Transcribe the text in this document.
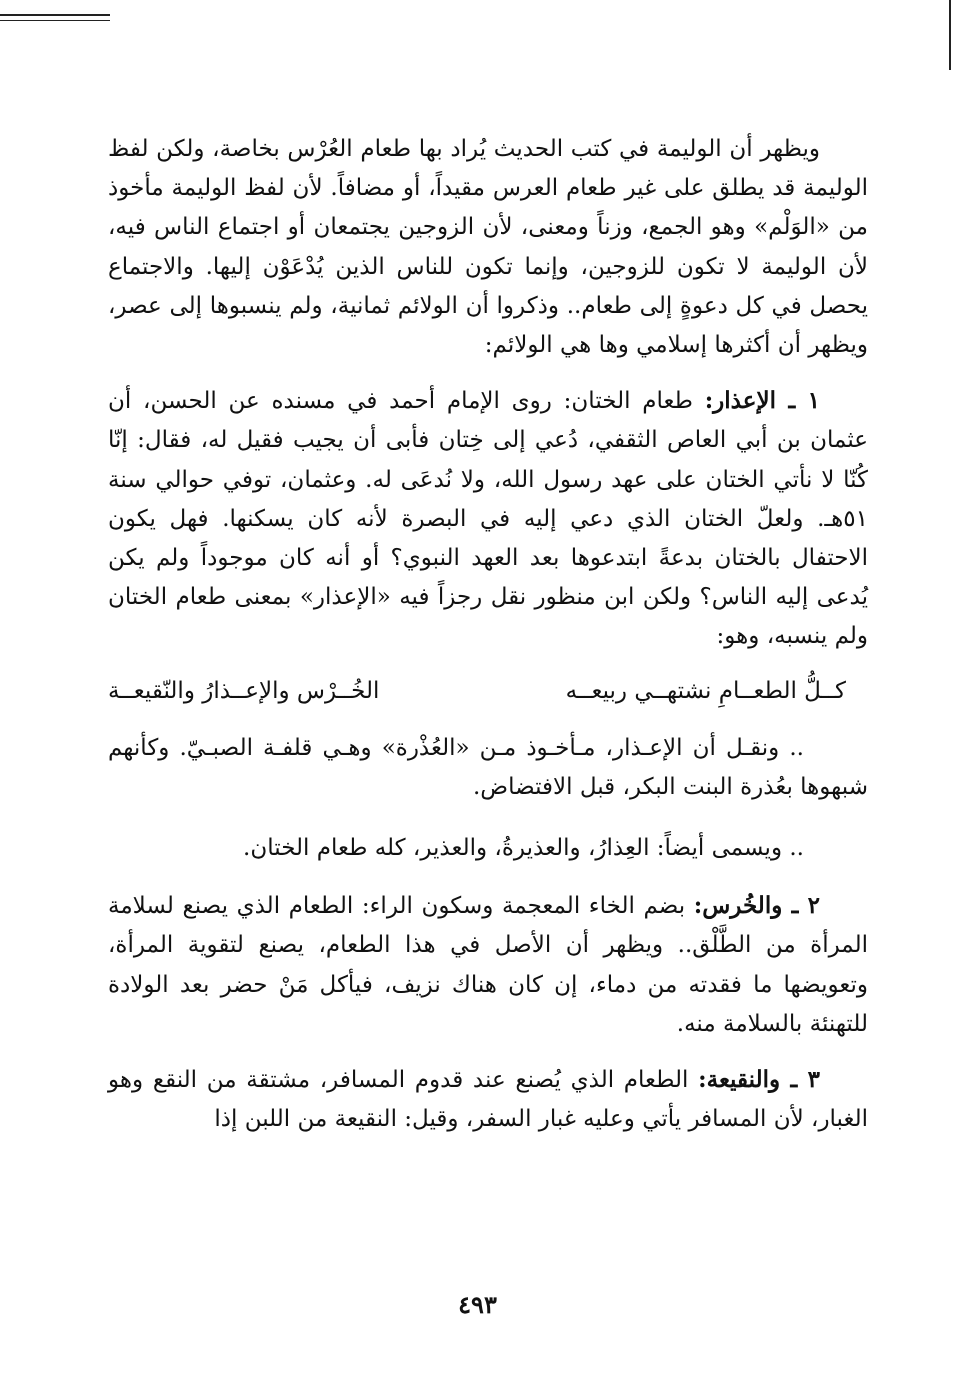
ويظهر أن الوليمة في كتب الحديث يُراد بها طعام العُرْس بخاصة، ولكن لفظ الوليمة قد يطلق على غير طعام العرس مقيداً، أو مضافاً. لأن لفظ الوليمة مأخوذ من «الوَلْم» وهو الجمع، وزناً ومعنى، لأن الزوجين يجتمعان أو اجتماع الناس فيه، لأن الوليمة لا تكون للزوجين، وإنما تكون للناس الذين يُدْعَوْن إليها. والاجتماع يحصل في كل دعوةٍ إلى طعام.. وذكروا أن الولائم ثمانية، ولم ينسبوها إلى عصر، ويظهر أن أكثرها إسلامي وها هي الولائم:

١ ـ الإعذار: طعام الختان: روى الإمام أحمد في مسنده عن الحسن، أن عثمان بن أبي العاص الثقفي، دُعي إلى خِتان فأبى أن يجيب فقيل له، فقال: إنّا كُنّا لا نأتي الختان على عهد رسول الله، ولا نُدعَى له. وعثمان، توفي حوالي سنة ٥١هـ. ولعلّ الختان الذي دعي إليه في البصرة لأنه كان يسكنها. فهل يكون الاحتفال بالختان بدعةً ابتدعوها بعد العهد النبوي؟ أو أنه كان موجوداً ولم يكن يُدعى إليه الناس؟ ولكن ابن منظور نقل رجزاً فيه «الإعذار» بمعنى طعام الختان ولم ينسبه، وهو:

كــلُّ الطعــامِ نشتهــي ربيعــه
الخُــرْس والإعــذارُ والنّقيعــة

.. ونقـل أن الإعـذار، مـأخـوذ مـن «العُذْرة» وهـي قلفـة الصبـيّ. وكأنهم شبهوها بعُذرة البنت البكر، قبل الافتضاض.

.. ويسمى أيضاً: العِذارُ، والعذيرةُ، والعذير، كله طعام الختان.

٢ ـ والخُرس: بضم الخاء المعجمة وسكون الراء: الطعام الذي يصنع لسلامة المرأة من الطَّلْق.. ويظهر أن الأصل في هذا الطعام، يصنع لتقوية المرأة، وتعويضها ما فقدته من دماء، إن كان هناك نزيف، فيأكل مَنْ حضر بعد الولادة للتهنئة بالسلامة منه.

٣ ـ والنقيعة: الطعام الذي يُصنع عند قدوم المسافر، مشتقة من النقع وهو الغبار، لأن المسافر يأتي وعليه غبار السفر، وقيل: النقيعة من اللبن إذا

٤٩٣
